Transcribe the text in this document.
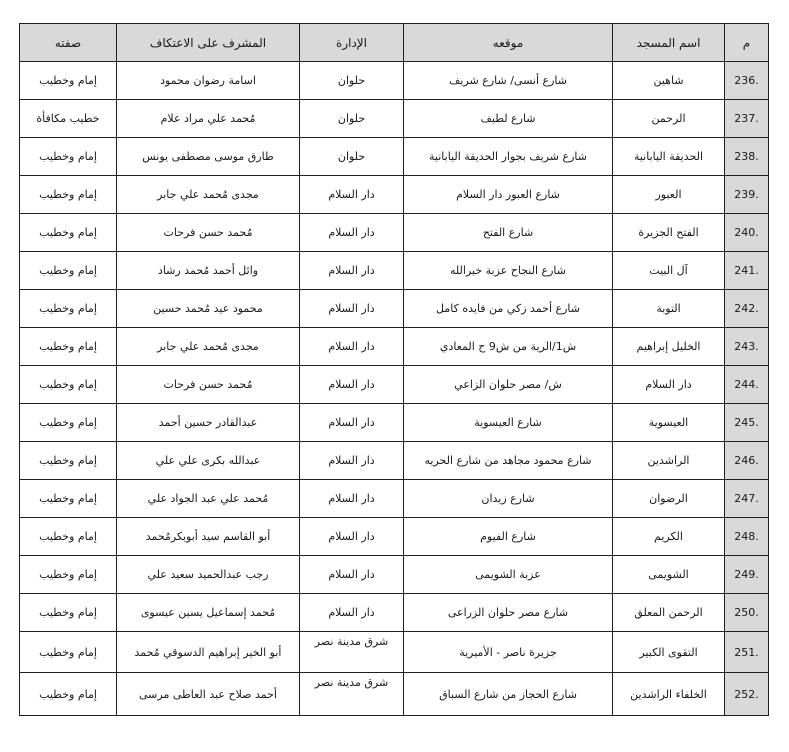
م	اسم المسجد	موقعه	الإدارة	المشرف على الاعتكاف	صفته
.236	شاهين	شارع أنسى/ شارع شريف	حلوان	اسامة رضوان محمود	إمام وخطيب
.237	الرحمن	شارع لطيف	حلوان	مُحمد علي مراد علام	خطيب مكافأة
.238	الحديقة اليابانية	شارع شريف بجوار الحديقة اليابانية	حلوان	طارق موسى مصطفى يونس	إمام وخطيب
.239	العبور	شارع العبور دار السلام	دار السلام	مجدى مُحمد علي جابر	إمام وخطيب
.240	الفتح الجزيرة	شارع الفتح	دار السلام	مُحمد حسن فرحات	إمام وخطيب
.241	آل البيت	شارع النجاح عزبة خيرالله	دار السلام	وائل أحمد مُحمد رشاد	إمام وخطيب
.242	التوبة	شارع أحمد زكي من فايده كامل	دار السلام	محمود عيد مُحمد حسين	إمام وخطيب
.243	الخليل إبراهيم	ش1/الرية من ش9 ح المعادي	دار السلام	مجدى مُحمد علي جابر	إمام وخطيب
.244	دار السلام	ش/ مصر حلوان الزاعي	دار السلام	مُحمد حسن فرحات	إمام وخطيب
.245	العيسوية	شارع العيسوية	دار السلام	عبدالقادر حسين أحمد	إمام وخطيب
.246	الراشدين	شارع محمود مجاهد من شارع الحريه	دار السلام	عبدالله بكرى علي علي	إمام وخطيب
.247	الرضوان	شارع زيدان	دار السلام	مُحمد علي عبد الجواد علي	إمام وخطيب
.248	الكريم	شارع الفيوم	دار السلام	أبو القاسم سيد أبوبكرمُحمد	إمام وخطيب
.249	الشويمى	عزبة الشويمى	دار السلام	رجب عبدالحميد سعيد علي	إمام وخطيب
.250	الرحمن المعلق	شارع مصر حلوان الزراعى	دار السلام	مُحمد إسماعيل يسين عيسوى	إمام وخطيب
.251	التقوى الكبير	جزيرة ناصر - الأميرية	شرق مدينة نصر	أبو الخير إبراهيم الدسوقي مُحمد	إمام وخطيب
.252	الخلفاء الراشدين	شارع الحجاز من شارع السباق	شرق مدينة نصر	أحمد صلاح عبد العاطى مرسى	إمام وخطيب
